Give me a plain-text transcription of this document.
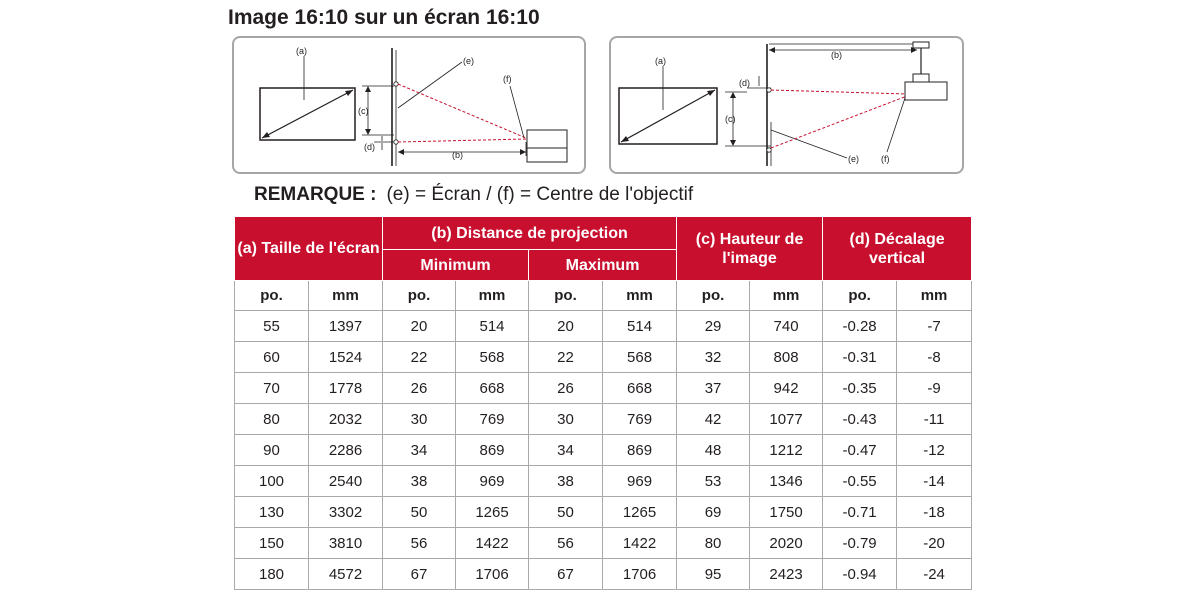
Image 16:10 sur un écran 16:10
(a)
(e)
(c)
(d)
(b)
(f)
(a)
(e)
(b)
(d)
(c)
(f)
REMARQUE : (e) = Écran / (f) = Centre de l'objectif
(a) Taille de l'écran		(b) Distance de projection				(c) Hauteur de l'image		(d) Décalage vertical	
		Minimum		Maximum					
po.	mm	po.	mm	po.	mm	po.	mm	po.	mm
55	1397	20	514	20	514	29	740	-0.28	-7
60	1524	22	568	22	568	32	808	-0.31	-8
70	1778	26	668	26	668	37	942	-0.35	-9
80	2032	30	769	30	769	42	1077	-0.43	-11
90	2286	34	869	34	869	48	1212	-0.47	-12
100	2540	38	969	38	969	53	1346	-0.55	-14
130	3302	50	1265	50	1265	69	1750	-0.71	-18
150	3810	56	1422	56	1422	80	2020	-0.79	-20
180	4572	67	1706	67	1706	95	2423	-0.94	-24
